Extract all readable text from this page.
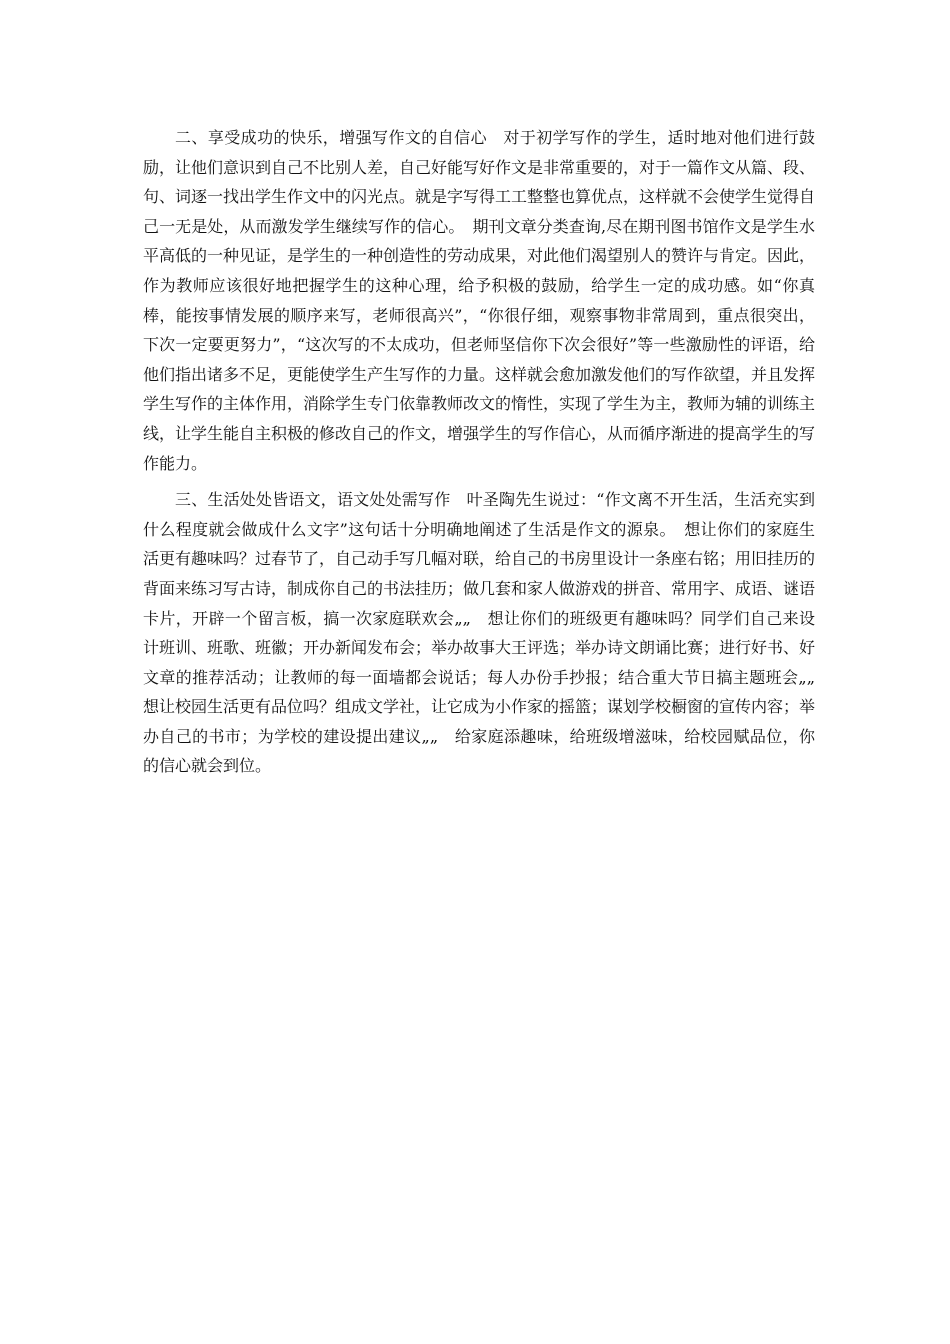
二、享受成功的快乐，增强写作文的自信心　对于初学写作的学生，适时地对他们进行鼓励，让他们意识到自己不比别人差，自己好能写好作文是非常重要的，对于一篇作文从篇、段、句、词逐一找出学生作文中的闪光点。就是字写得工工整整也算优点，这样就不会使学生觉得自己一无是处，从而激发学生继续写作的信心。　期刊文章分类查询,尽在期刊图书馆作文是学生水平高低的一种见证，是学生的一种创造性的劳动成果，对此他们渴望别人的赞许与肯定。因此，作为教师应该很好地把握学生的这种心理，给予积极的鼓励，给学生一定的成功感。如“你真棒，能按事情发展的顺序来写，老师很高兴”，“你很仔细，观察事物非常周到，重点很突出，下次一定要更努力”，“这次写的不太成功，但老师坚信你下次会很好”等一些激励性的评语，给他们指出诸多不足，更能使学生产生写作的力量。这样就会愈加激发他们的写作欲望，并且发挥学生写作的主体作用，消除学生专门依靠教师改文的惰性，实现了学生为主，教师为辅的训练主线，让学生能自主积极的修改自己的作文，增强学生的写作信心，从而循序渐进的提高学生的写作能力。

三、生活处处皆语文，语文处处需写作　叶圣陶先生说过：“作文离不开生活，生活充实到什么程度就会做成什么文字”这句话十分明确地阐述了生活是作文的源泉。　想让你们的家庭生活更有趣味吗？过春节了，自己动手写几幅对联，给自己的书房里设计一条座右铭；用旧挂历的背面来练习写古诗，制成你自己的书法挂历；做几套和家人做游戏的拼音、常用字、成语、谜语卡片，开辟一个留言板，搞一次家庭联欢会„„　想让你们的班级更有趣味吗？同学们自己来设计班训、班歌、班徽；开办新闻发布会；举办故事大王评选；举办诗文朗诵比赛；进行好书、好文章的推荐活动；让教师的每一面墙都会说话；每人办份手抄报；结合重大节日搞主题班会„„　想让校园生活更有品位吗？组成文学社，让它成为小作家的摇篮；谋划学校橱窗的宣传内容；举办自己的书市；为学校的建设提出建议„„　给家庭添趣味，给班级增滋味，给校园赋品位，你的信心就会到位。
